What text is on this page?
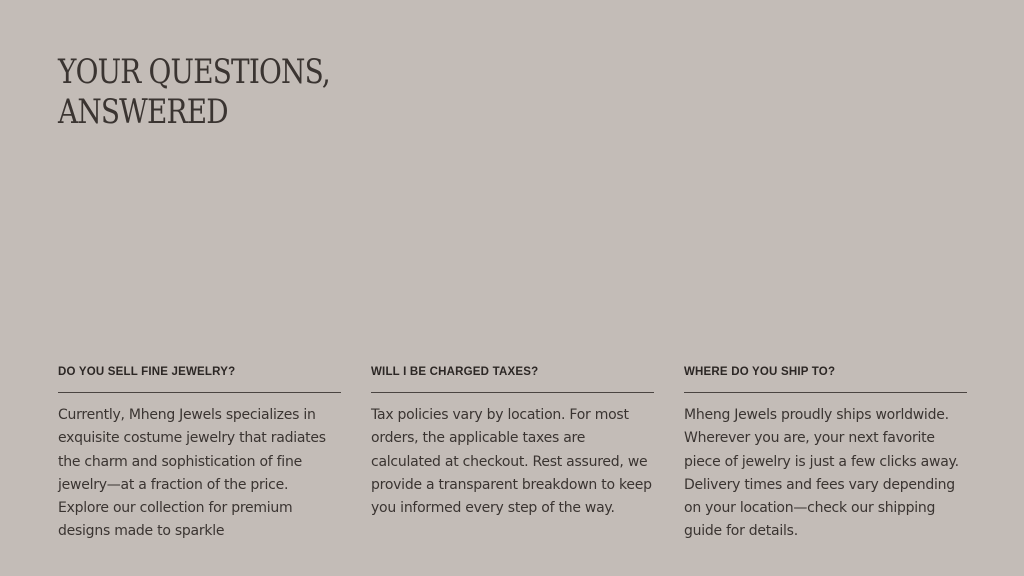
YOUR QUESTIONS,
ANSWERED
DO YOU SELL FINE JEWELRY?

Currently, Mheng Jewels specializes in exquisite costume jewelry that radiates the charm and sophistication of fine jewelry—at a fraction of the price. Explore our collection for premium designs made to sparkle

WILL I BE CHARGED TAXES?

Tax policies vary by location. For most orders, the applicable taxes are calculated at checkout. Rest assured, we provide a transparent breakdown to keep you informed every step of the way.

WHERE DO YOU SHIP TO?

Mheng Jewels proudly ships worldwide. Wherever you are, your next favorite piece of jewelry is just a few clicks away. Delivery times and fees vary depending on your location—check our shipping guide for details.
